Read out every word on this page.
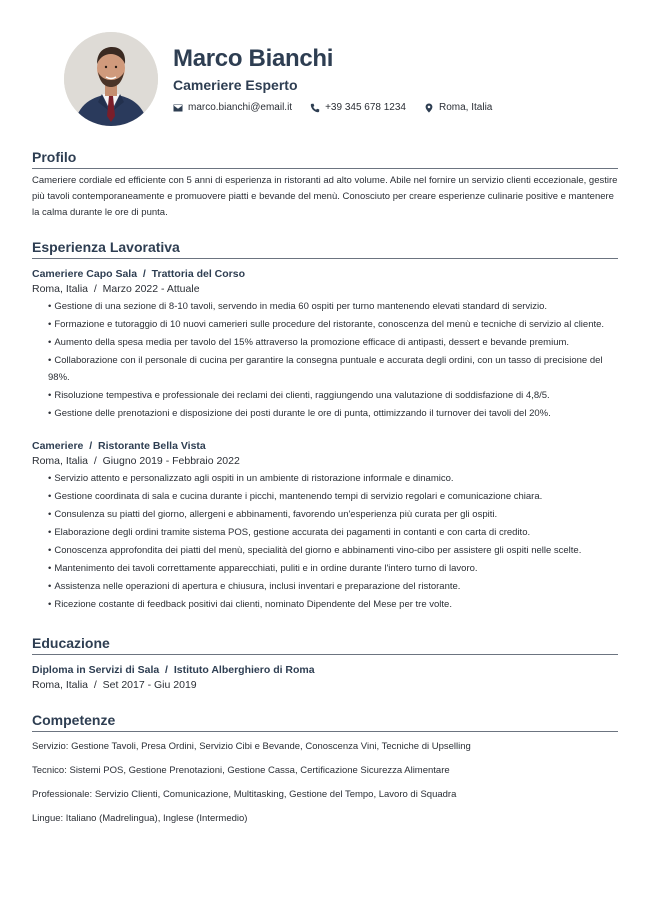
Marco Bianchi
Cameriere Esperto
marco.bianchi@email.it	+39 345 678 1234	Roma, Italia
Profilo
Cameriere cordiale ed efficiente con 5 anni di esperienza in ristoranti ad alto volume. Abile nel fornire un servizio clienti eccezionale, gestire più tavoli contemporaneamente e promuovere piatti e bevande del menù. Conosciuto per creare esperienze culinarie positive e mantenere la calma durante le ore di punta.
Esperienza Lavorativa
Cameriere Capo Sala  /  Trattoria del Corso
Roma, Italia  /  Marzo 2022 - Attuale
• Gestione di una sezione di 8-10 tavoli, servendo in media 60 ospiti per turno mantenendo elevati standard di servizio.
• Formazione e tutoraggio di 10 nuovi camerieri sulle procedure del ristorante, conoscenza del menù e tecniche di servizio al cliente.
• Aumento della spesa media per tavolo del 15% attraverso la promozione efficace di antipasti, dessert e bevande premium.
• Collaborazione con il personale di cucina per garantire la consegna puntuale e accurata degli ordini, con un tasso di precisione del 98%.
• Risoluzione tempestiva e professionale dei reclami dei clienti, raggiungendo una valutazione di soddisfazione di 4,8/5.
• Gestione delle prenotazioni e disposizione dei posti durante le ore di punta, ottimizzando il turnover dei tavoli del 20%.
Cameriere  /  Ristorante Bella Vista
Roma, Italia  /  Giugno 2019 - Febbraio 2022
• Servizio attento e personalizzato agli ospiti in un ambiente di ristorazione informale e dinamico.
• Gestione coordinata di sala e cucina durante i picchi, mantenendo tempi di servizio regolari e comunicazione chiara.
• Consulenza su piatti del giorno, allergeni e abbinamenti, favorendo un'esperienza più curata per gli ospiti.
• Elaborazione degli ordini tramite sistema POS, gestione accurata dei pagamenti in contanti e con carta di credito.
• Conoscenza approfondita dei piatti del menù, specialità del giorno e abbinamenti vino-cibo per assistere gli ospiti nelle scelte.
• Mantenimento dei tavoli correttamente apparecchiati, puliti e in ordine durante l'intero turno di lavoro.
• Assistenza nelle operazioni di apertura e chiusura, inclusi inventari e preparazione del ristorante.
• Ricezione costante di feedback positivi dai clienti, nominato Dipendente del Mese per tre volte.
Educazione
Diploma in Servizi di Sala  /  Istituto Alberghiero di Roma
Roma, Italia  /  Set 2017 - Giu 2019
Competenze
Servizio: Gestione Tavoli, Presa Ordini, Servizio Cibi e Bevande, Conoscenza Vini, Tecniche di Upselling
Tecnico: Sistemi POS, Gestione Prenotazioni, Gestione Cassa, Certificazione Sicurezza Alimentare
Professionale: Servizio Clienti, Comunicazione, Multitasking, Gestione del Tempo, Lavoro di Squadra
Lingue: Italiano (Madrelingua), Inglese (Intermedio)
